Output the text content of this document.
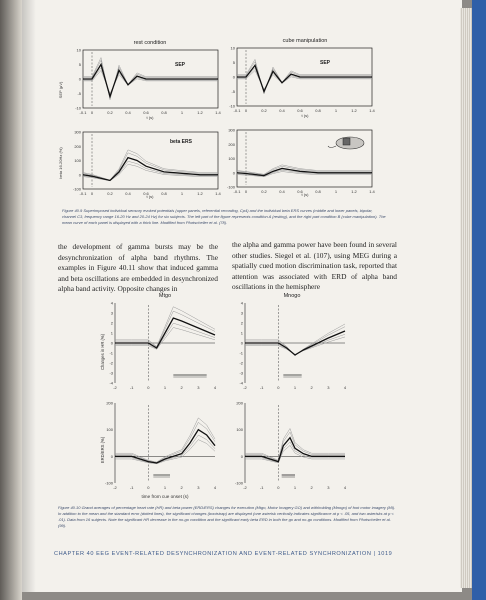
rest condition	cube manipulation
SEP (μV)
beta 16-20Hz (%)
t (s)	t (s)
t (s)	t (s)
SEP	SEP
beta ERS
Mtgo	Mnogo
Changes in HR (%)
ERD/ERS (%)
time from cue onset (s)
-0.1 0	0.2	0.4	0.6	0.8	1	1.2	1.4
-10
-5
0
5
10
-0.1 0	0.2	0.4	0.6	0.8	1	1.2	1.4
-10
-5
0
5
10
-0.1 0	0.2	0.4	0.6	0.8	1	1.2	1.4
-100
0
100
200
300
-0.1 0	0.2	0.4	0.6	0.8	1	1.2	1.4
-100
0
100
200
300
-2	-1	0	1	2	3	4
-4
-3
-2
-1
0
1
2
3
4
-2	-1	0	1	2	3	4
-4
-3
-2
-1
0
1
2
3
4
-2	-1	0	1	2	3	4
-100
0
100
200
-2	-1	0	1	2	3	4
-100
0
100
200
Figure 40.9 Superimposed individual sensory evoked potentials (upper panels, referential recording, Cp4) and the individual beta ERS curves (middle and lower panels, bipolar, channel C3, frequency range 16-20 Hz and 20-24 Hz) for six subjects. The left part of the figure represents condition A (resting), and the right part condition B (cube manipulation). The mean curve of each panel is displayed with a thick line. Modified from Pfurtscheller et al. (78).
the development of gamma bursts may be the desynchronization of alpha band rhythms. The examples in Figure 40.11 show that induced gamma and beta oscillations are embedded in desynchronized alpha band activity. Opposite changes in
the alpha and gamma power have been found in several other studies. Siegel et al. (107), using MEG during a spatially cued motion discrimination task, reported that attention was associated with ERD of alpha band oscillations in the hemisphere
Figure 40.10 Grand averages of percentage heart rate (HR) and beta power (ERD/ERS) changes for execution (Mtgo, Motor Imagery GO) and withholding (Mnogo) of foot motor imagery (MI). In addition to the mean and the standard error (dotted lines), the significant changes (bootstrap) are displayed (one asterisk vertically indicates significance at p < .05, and two asterisks at p < .01). Data from 16 subjects. Note the significant HR decrease in the no-go condition and the significant early beta ERD in both the go and no-go conditions. Modified from Pfurtscheller et al. (99).
CHAPTER 40 EEG EVENT-RELATED DESYNCHRONIZATION AND EVENT-RELATED SYNCHRONIZATION | 1019
